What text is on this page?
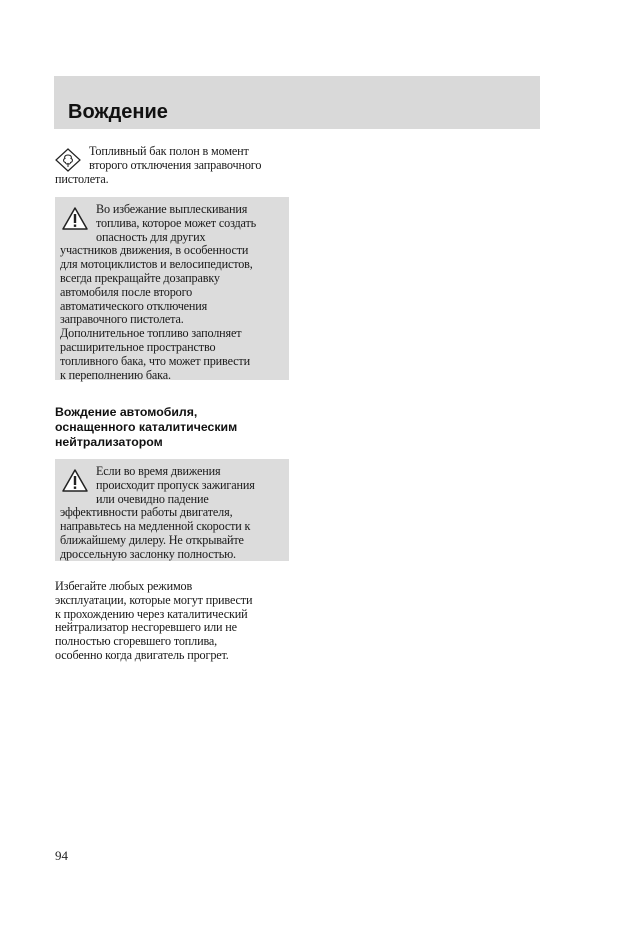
Вождение

Топливный бак полон в момент
второго отключения заправочного
пистолета.

Во избежание выплескивания
топлива, которое может создать
опасность для других
участников движения, в особенности
для мотоциклистов и велосипедистов,
всегда прекращайте дозаправку
автомобиля после второго
автоматического отключения
заправочного пистолета.
Дополнительное топливо заполняет
расширительное пространство
топливного бака, что может привести
к переполнению бака.

Вождение автомобиля,
оснащенного каталитическим
нейтрализатором

Если во время движения
происходит пропуск зажигания
или очевидно падение
эффективности работы двигателя,
направьтесь на медленной скорости к
ближайшему дилеру. Не открывайте
дроссельную заслонку полностью.

Избегайте любых режимов
эксплуатации, которые могут привести
к прохождению через каталитический
нейтрализатор несгоревшего или не
полностью сгоревшего топлива,
особенно когда двигатель прогрет.

94
